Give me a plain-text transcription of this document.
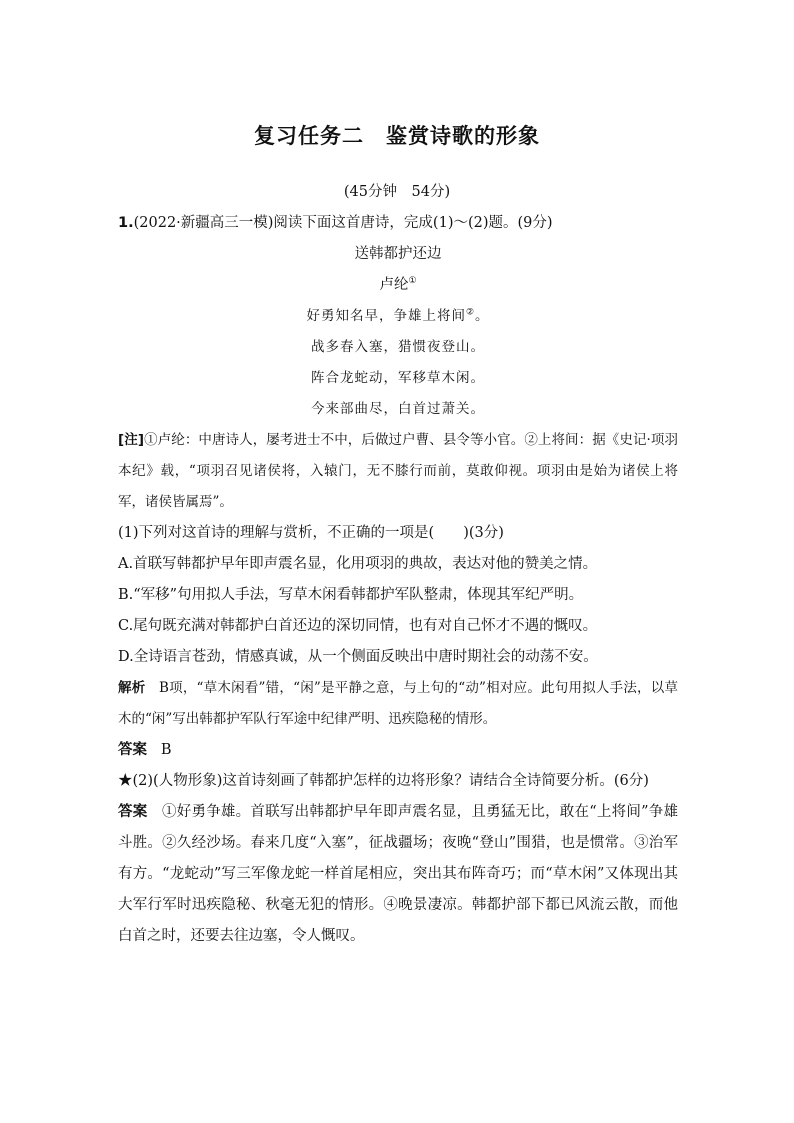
复习任务二　鉴赏诗歌的形象
(45分钟　54分)

1.(2022·新疆高三一模)阅读下面这首唐诗，完成(1)～(2)题。(9分)

送韩都护还边

卢纶①

好勇知名早，争雄上将间②。

战多春入塞，猎惯夜登山。

阵合龙蛇动，军移草木闲。

今来部曲尽，白首过萧关。

[注]①卢纶：中唐诗人，屡考进士不中，后做过户曹、县令等小官。②上将间：据《史记·项羽本纪》载，“项羽召见诸侯将，入辕门，无不膝行而前，莫敢仰视。项羽由是始为诸侯上将军，诸侯皆属焉”。

(1)下列对这首诗的理解与赏析，不正确的一项是(　　)(3分)

A.首联写韩都护早年即声震名显，化用项羽的典故，表达对他的赞美之情。

B.“军移”句用拟人手法，写草木闲看韩都护军队整肃，体现其军纪严明。

C.尾句既充满对韩都护白首还边的深切同情，也有对自己怀才不遇的慨叹。

D.全诗语言苍劲，情感真诚，从一个侧面反映出中唐时期社会的动荡不安。

解析 B项，“草木闲看”错，“闲”是平静之意，与上句的“动”相对应。此句用拟人手法，以草木的“闲”写出韩都护军队行军途中纪律严明、迅疾隐秘的情形。

答案 B

★(2)(人物形象)这首诗刻画了韩都护怎样的边将形象？请结合全诗简要分析。(6分)

答案 ①好勇争雄。首联写出韩都护早年即声震名显，且勇猛无比，敢在“上将间”争雄斗胜。②久经沙场。春来几度“入塞”，征战疆场；夜晚“登山”围猎，也是惯常。③治军有方。“龙蛇动”写三军像龙蛇一样首尾相应，突出其布阵奇巧；而“草木闲”又体现出其大军行军时迅疾隐秘、秋毫无犯的情形。④晚景凄凉。韩都护部下都已风流云散，而他白首之时，还要去往边塞，令人慨叹。
